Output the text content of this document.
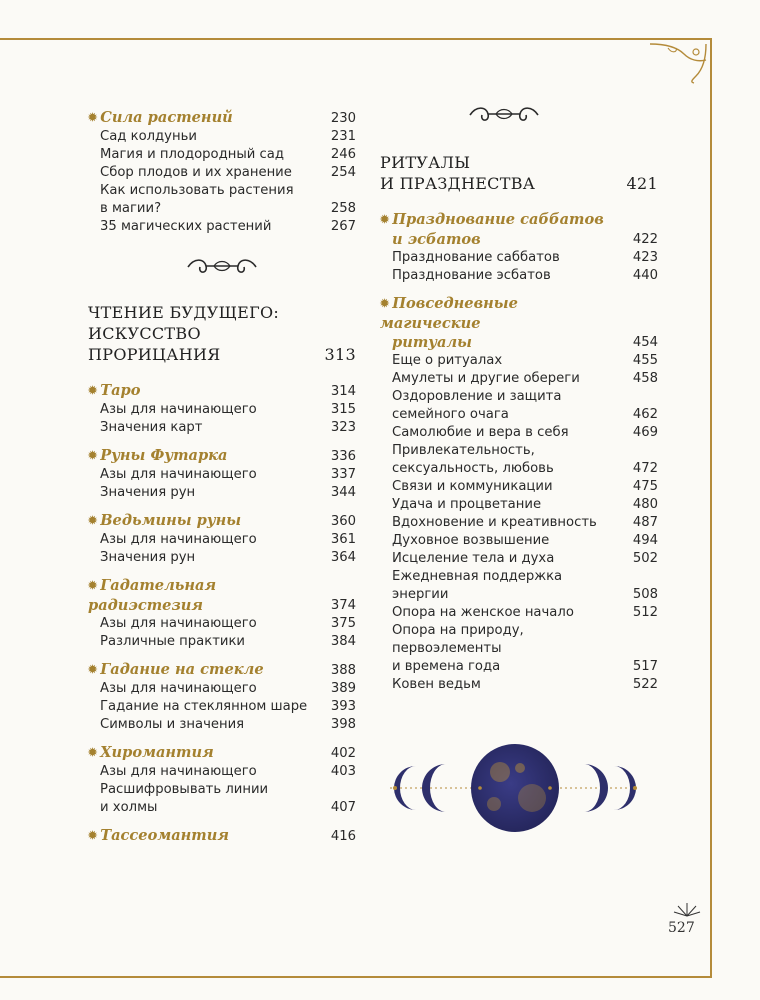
✹ Сила растений	230
Сад колдуньи	231
Магия и плодородный сад	246
Сбор плодов и их хранение	254
Как использовать растения
в магии?	258
35 магических растений	267
ЧТЕНИЕ БУДУЩЕГО:
ИСКУССТВО
ПРОРИЦАНИЯ	313
✹ Таро	314
Азы для начинающего	315
Значения карт	323
✹ Руны Футарка	336
Азы для начинающего	337
Значения рун	344
✹ Ведьмины руны	360
Азы для начинающего	361
Значения рун	364
✹ Гадательная радиэстезия	374
Азы для начинающего	375
Различные практики	384
✹ Гадание на стекле	388
Азы для начинающего	389
Гадание на стеклянном шаре	393
Символы и значения	398
✹ Хиромантия	402
Азы для начинающего	403
Расшифровывать линии
и холмы	407
✹ Тассеомантия	416
РИТУАЛЫ
И ПРАЗДНЕСТВА	421
✹ Празднование саббатов
и эсбатов	422
Празднование саббатов	423
Празднование эсбатов	440
✹ Повседневные магические
ритуалы	454
Еще о ритуалах	455
Амулеты и другие обереги	458
Оздоровление и защита
семейного очага	462
Самолюбие и вера в себя	469
Привлекательность,
сексуальность, любовь	472
Связи и коммуникации	475
Удача и процветание	480
Вдохновение и креативность	487
Духовное возвышение	494
Исцеление тела и духа	502
Ежедневная поддержка
энергии	508
Опора на женское начало	512
Опора на природу,
первоэлементы
и времена года	517
Ковен ведьм	522
527
